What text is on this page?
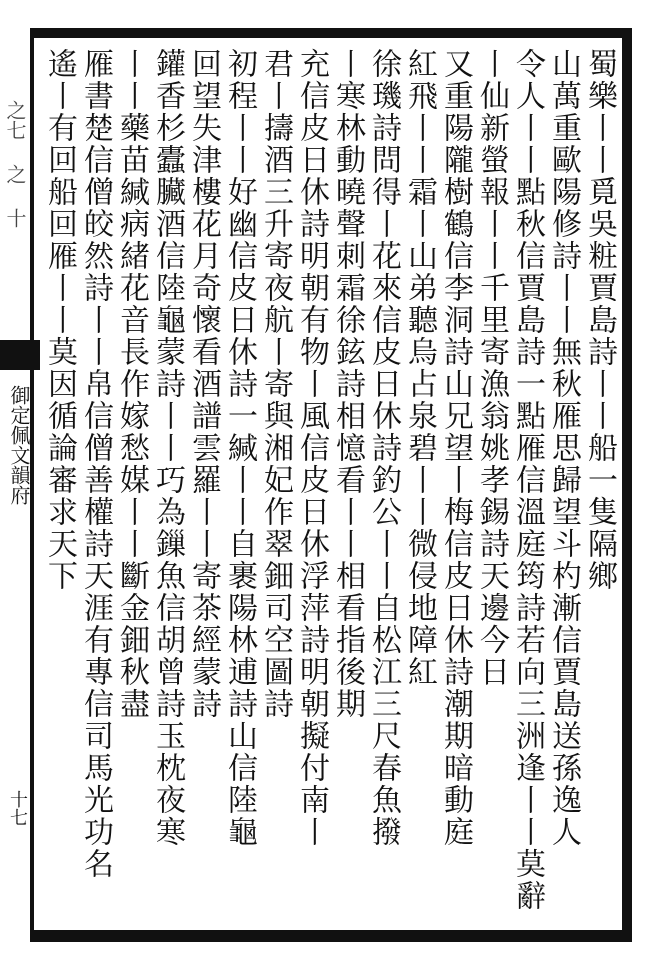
之七 之 十
御定佩文韻府
十七
蜀樂丨丨覓吳粧賈島詩丨丨船一隻隔鄉
山萬重歐陽修詩丨丨無秋雁思歸望斗杓漸信賈島送孫逸人
令人丨丨點秋信賈島詩一點雁信溫庭筠詩若向三洲逢丨丨莫辭
丨仙新螢報丨丨千里寄漁翁姚孝錫詩天邊今日
又重陽隴樹鶴信李洞詩山兄望丨梅信皮日休詩潮期暗動庭
紅飛丨丨霜丨山弟聽烏占泉碧丨丨微侵地障紅
徐璣詩問得丨花來信皮日休詩釣公丨丨自松江三尺春魚撥
丨寒林動曉聲刺霜徐鉉詩相憶看丨丨相看指後期
充信皮日休詩明朝有物丨風信皮日休浮萍詩明朝擬付南丨
君丨擣酒三升寄夜航丨寄與湘妃作翠鈿司空圖詩
初程丨丨好幽信皮日休詩一緘丨丨自裹陽林逋詩山信陸龜
回望失津樓花月奇懷看酒譜雲羅丨丨寄茶經蒙詩
鑵香杉蠹臟酒信陸龜蒙詩丨丨巧為鏁魚信胡曾詩玉枕夜寒
丨丨藥苗緘病緒花音長作嫁愁媒丨丨斷金鈿秋盡
雁書楚信僧皎然詩丨丨帛信僧善權詩天涯有專信司馬光功名
遙丨有回船回雁丨丨莫因循論審求天下
